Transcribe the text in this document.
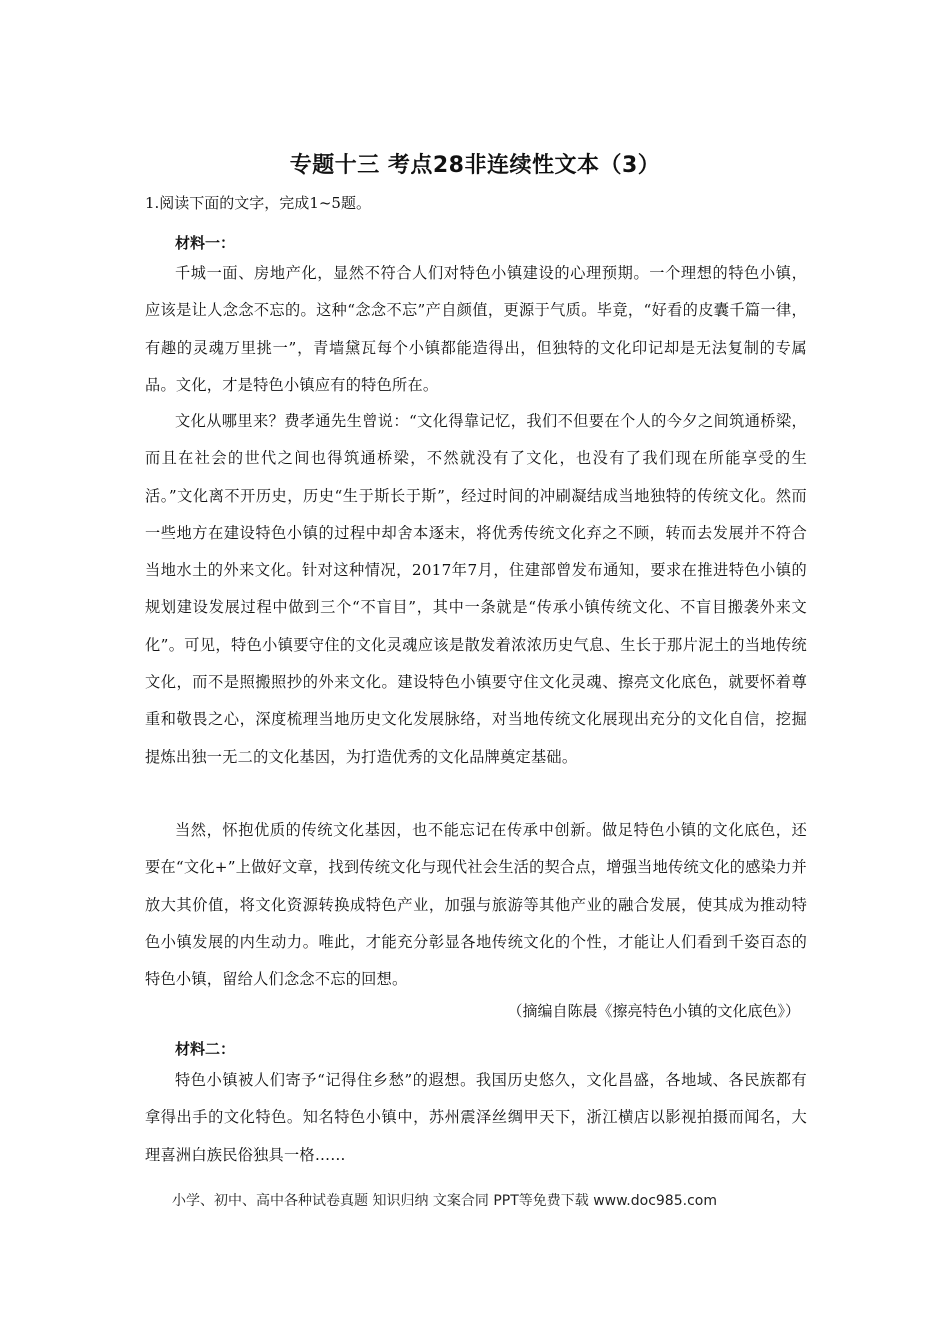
专题十三 考点28非连续性文本（3）
1.阅读下面的文字，完成1~5题。
材料一：

千城一面、房地产化，显然不符合人们对特色小镇建设的心理预期。一个理想的特色小镇，应该是让人念念不忘的。这种“念念不忘”产自颜值，更源于气质。毕竟，“好看的皮囊千篇一律，有趣的灵魂万里挑一”，青墙黛瓦每个小镇都能造得出，但独特的文化印记却是无法复制的专属品。文化，才是特色小镇应有的特色所在。

文化从哪里来？费孝通先生曾说：“文化得靠记忆，我们不但要在个人的今夕之间筑通桥梁，而且在社会的世代之间也得筑通桥梁，不然就没有了文化，也没有了我们现在所能享受的生活。”文化离不开历史，历史“生于斯长于斯”，经过时间的冲刷凝结成当地独特的传统文化。然而一些地方在建设特色小镇的过程中却舍本逐末，将优秀传统文化弃之不顾，转而去发展并不符合当地水土的外来文化。针对这种情况，2017年7月，住建部曾发布通知，要求在推进特色小镇的规划建设发展过程中做到三个“不盲目”，其中一条就是“传承小镇传统文化、不盲目搬袭外来文化”。可见，特色小镇要守住的文化灵魂应该是散发着浓浓历史气息、生长于那片泥土的当地传统文化，而不是照搬照抄的外来文化。建设特色小镇要守住文化灵魂、擦亮文化底色，就要怀着尊重和敬畏之心，深度梳理当地历史文化发展脉络，对当地传统文化展现出充分的文化自信，挖掘提炼出独一无二的文化基因，为打造优秀的文化品牌奠定基础。

当然，怀抱优质的传统文化基因，也不能忘记在传承中创新。做足特色小镇的文化底色，还要在“文化+”上做好文章，找到传统文化与现代社会生活的契合点，增强当地传统文化的感染力并放大其价值，将文化资源转换成特色产业，加强与旅游等其他产业的融合发展，使其成为推动特色小镇发展的内生动力。唯此，才能充分彰显各地传统文化的个性，才能让人们看到千姿百态的特色小镇，留给人们念念不忘的回想。

（摘编自陈晨《擦亮特色小镇的文化底色》）
材料二：

特色小镇被人们寄予“记得住乡愁”的遐想。我国历史悠久，文化昌盛，各地域、各民族都有拿得出手的文化特色。知名特色小镇中，苏州震泽丝绸甲天下，浙江横店以影视拍摄而闻名，大理喜洲白族民俗独具一格……

小学、初中、高中各种试卷真题 知识归纳 文案合同 PPT等免费下载 www.doc985.com
